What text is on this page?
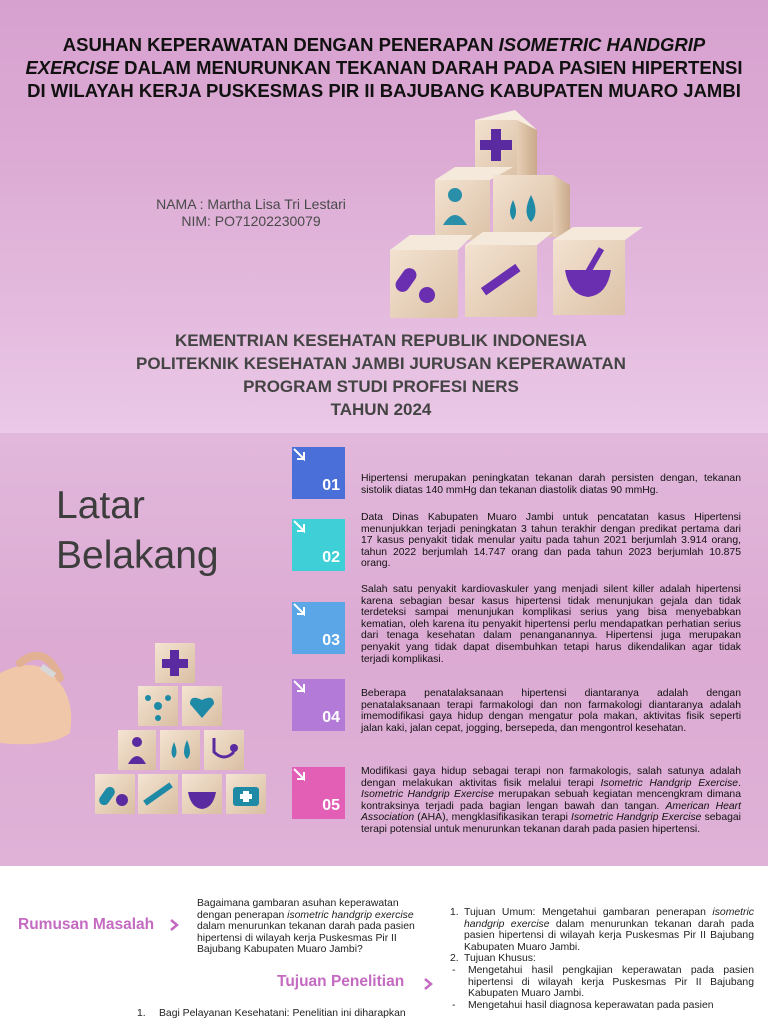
ASUHAN KEPERAWATAN DENGAN PENERAPAN ISOMETRIC HANDGRIP
EXERCISE DALAM MENURUNKAN TEKANAN DARAH PADA PASIEN HIPERTENSI
DI WILAYAH KERJA PUSKESMAS PIR II BAJUBANG KABUPATEN MUARO JAMBI
NAMA : Martha Lisa Tri Lestari
NIM: PO71202230079
KEMENTRIAN KESEHATAN REPUBLIK INDONESIA
POLITEKNIK KESEHATAN JAMBI JURUSAN KEPERAWATAN
PROGRAM STUDI PROFESI NERS
TAHUN 2024
Latar
Belakang
01 Hipertensi merupakan peningkatan tekanan darah persisten dengan, tekanan sistolik diatas 140 mmHg dan tekanan diastolik diatas 90 mmHg.
02
Data Dinas Kabupaten Muaro Jambi untuk pencatatan kasus Hipertensi menunjukkan terjadi peningkatan 3 tahun terakhir dengan predikat pertama dari 17 kasus penyakit tidak menular yaitu pada tahun 2021 berjumlah 3.914 orang, tahun 2022 berjumlah 14.747 orang dan pada tahun 2023 berjumlah 10.875 orang.
03
Salah satu penyakit kardiovaskuler yang menjadi silent killer adalah hipertensi karena sebagian besar kasus hipertensi tidak menunjukan gejala dan tidak terdeteksi sampai menunjukan komplikasi serius yang bisa menyebabkan kematian, oleh karena itu penyakit hipertensi perlu mendapatkan perhatian serius dari tenaga kesehatan dalam penanganannya. Hipertensi juga merupakan penyakit yang tidak dapat disembuhkan tetapi harus dikendalikan agar tidak terjadi komplikasi.
04
Beberapa penatalaksanaan hipertensi diantaranya adalah dengan penatalaksanaan terapi farmakologi dan non farmakologi diantaranya adalah imemodifikasi gaya hidup dengan mengatur pola makan, aktivitas fisik seperti jalan kaki, jalan cepat, jogging, bersepeda, dan mengontrol kesehatan.
05
Modifikasi gaya hidup sebagai terapi non farmakologis, salah satunya adalah dengan melakukan aktivitas fisik melalui terapi Isometric Handgrip Exercise. Isometric Handgrip Exercise merupakan sebuah kegiatan mencengkram dimana kontraksinya terjadi pada bagian lengan bawah dan tangan. American Heart Association (AHA), mengklasifikasikan terapi Isometric Handgrip Exercise sebagai terapi potensial untuk menurunkan tekanan darah pada pasien hipertensi.
Rumusan Masalah
Bagaimana gambaran asuhan keperawatan dengan penerapan isometric handgrip exercise dalam menurunkan tekanan darah pada pasien hipertensi di wilayah kerja Puskesmas Pir II Bajubang Kabupaten Muaro Jambi?
Tujuan Penelitian
1. Tujuan Umum: Mengetahui gambaran penerapan isometric handgrip exercise dalam menurunkan tekanan darah pada pasien hipertensi di wilayah kerja Puskesmas Pir II Bajubang Kabupaten Muaro Jambi.
2. Tujuan Khusus:
- Mengetahui hasil pengkajian keperawatan pada pasien hipertensi di wilayah kerja Puskesmas Pir II Bajubang Kabupaten Muaro Jambi.
- Mengetahui hasil diagnosa keperawatan pada pasien
1. Bagi Pelayanan Kesehatani: Penelitian ini diharapkan
